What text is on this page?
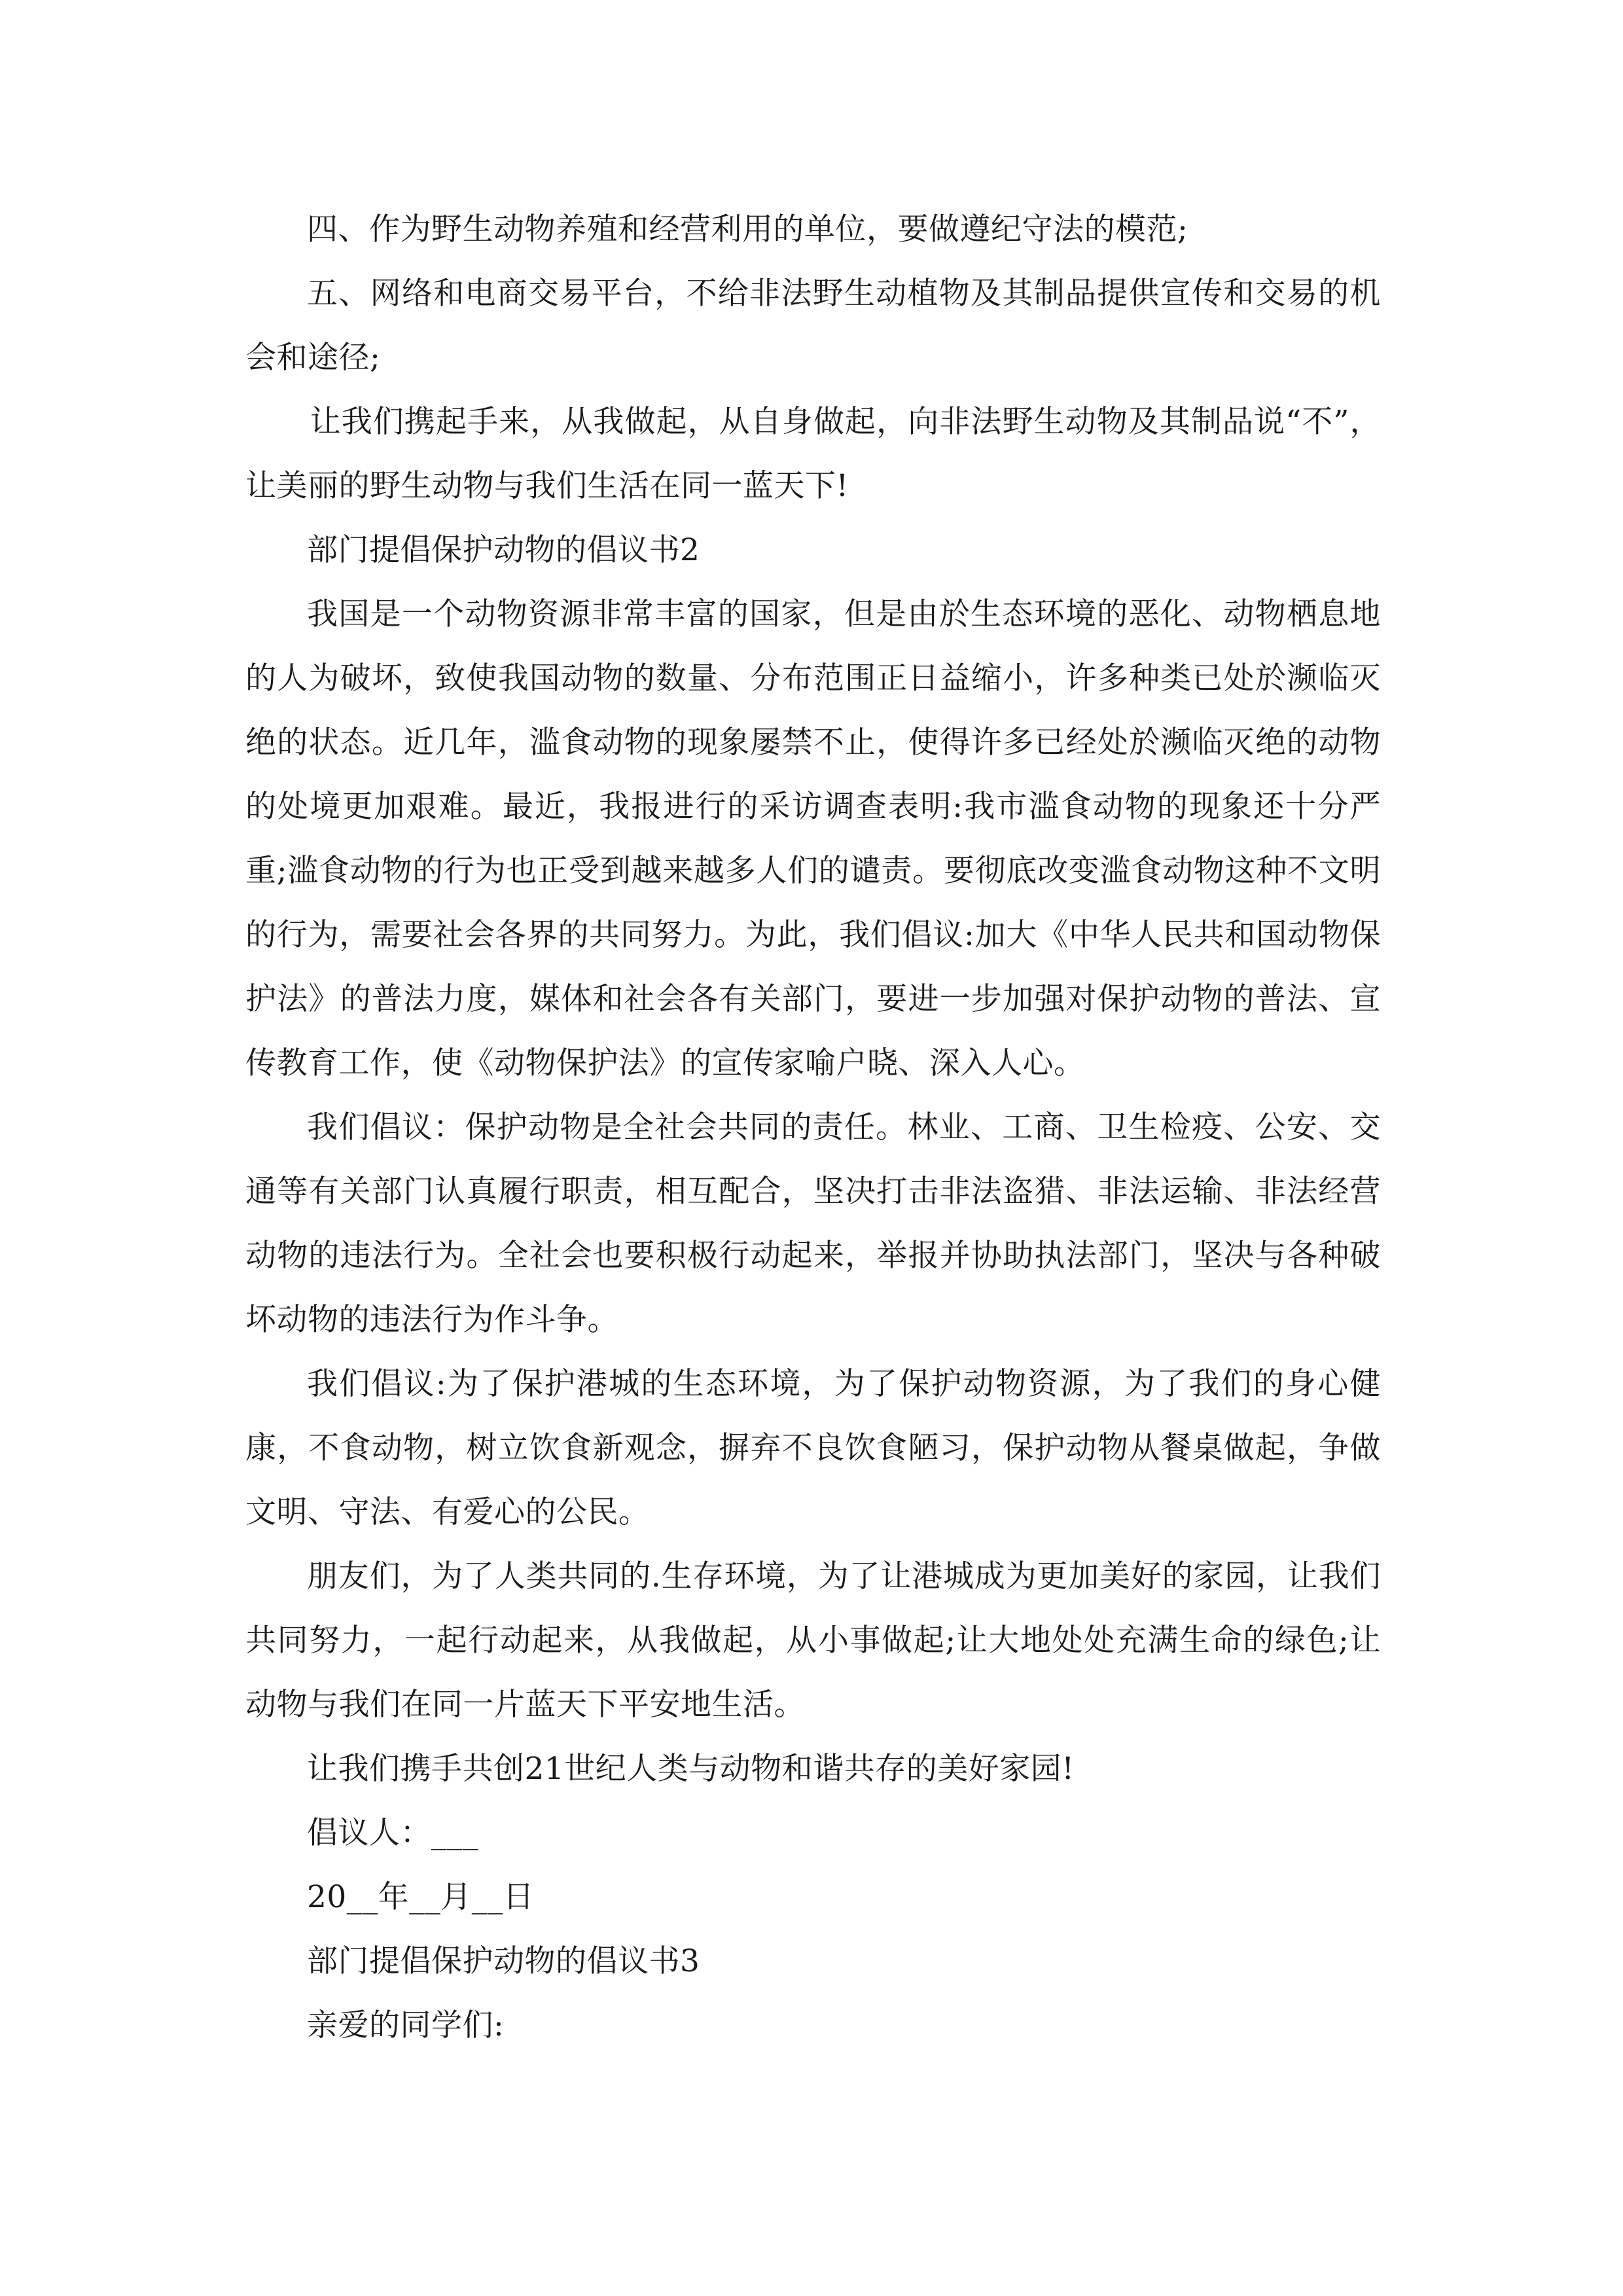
四、作为野生动物养殖和经营利用的单位，要做遵纪守法的模范;

五、网络和电商交易平台，不给非法野生动植物及其制品提供宣传和交易的机会和途径;

让我们携起手来，从我做起，从自身做起，向非法野生动物及其制品说“不”，让美丽的野生动物与我们生活在同一蓝天下!

部门提倡保护动物的倡议书2

我国是一个动物资源非常丰富的国家，但是由於生态环境的恶化、动物栖息地的人为破坏，致使我国动物的数量、分布范围正日益缩小，许多种类已处於濒临灭绝的状态。近几年，滥食动物的现象屡禁不止，使得许多已经处於濒临灭绝的动物的处境更加艰难。最近，我报进行的采访调查表明:我市滥食动物的现象还十分严重;滥食动物的行为也正受到越来越多人们的谴责。要彻底改变滥食动物这种不文明的行为，需要社会各界的共同努力。为此，我们倡议:加大《中华人民共和国动物保护法》的普法力度，媒体和社会各有关部门，要进一步加强对保护动物的普法、宣传教育工作，使《动物保护法》的宣传家喻户晓、深入人心。

我们倡议：保护动物是全社会共同的责任。林业、工商、卫生检疫、公安、交通等有关部门认真履行职责，相互配合，坚决打击非法盗猎、非法运输、非法经营动物的违法行为。全社会也要积极行动起来，举报并协助执法部门，坚决与各种破坏动物的违法行为作斗争。

我们倡议:为了保护港城的生态环境，为了保护动物资源，为了我们的身心健康，不食动物，树立饮食新观念，摒弃不良饮食陋习，保护动物从餐桌做起，争做文明、守法、有爱心的公民。

朋友们，为了人类共同的.生存环境，为了让港城成为更加美好的家园，让我们共同努力，一起行动起来，从我做起，从小事做起;让大地处处充满生命的绿色;让动物与我们在同一片蓝天下平安地生活。

让我们携手共创21世纪人类与动物和谐共存的美好家园!

倡议人：___

20__年__月__日

部门提倡保护动物的倡议书3

亲爱的同学们:
